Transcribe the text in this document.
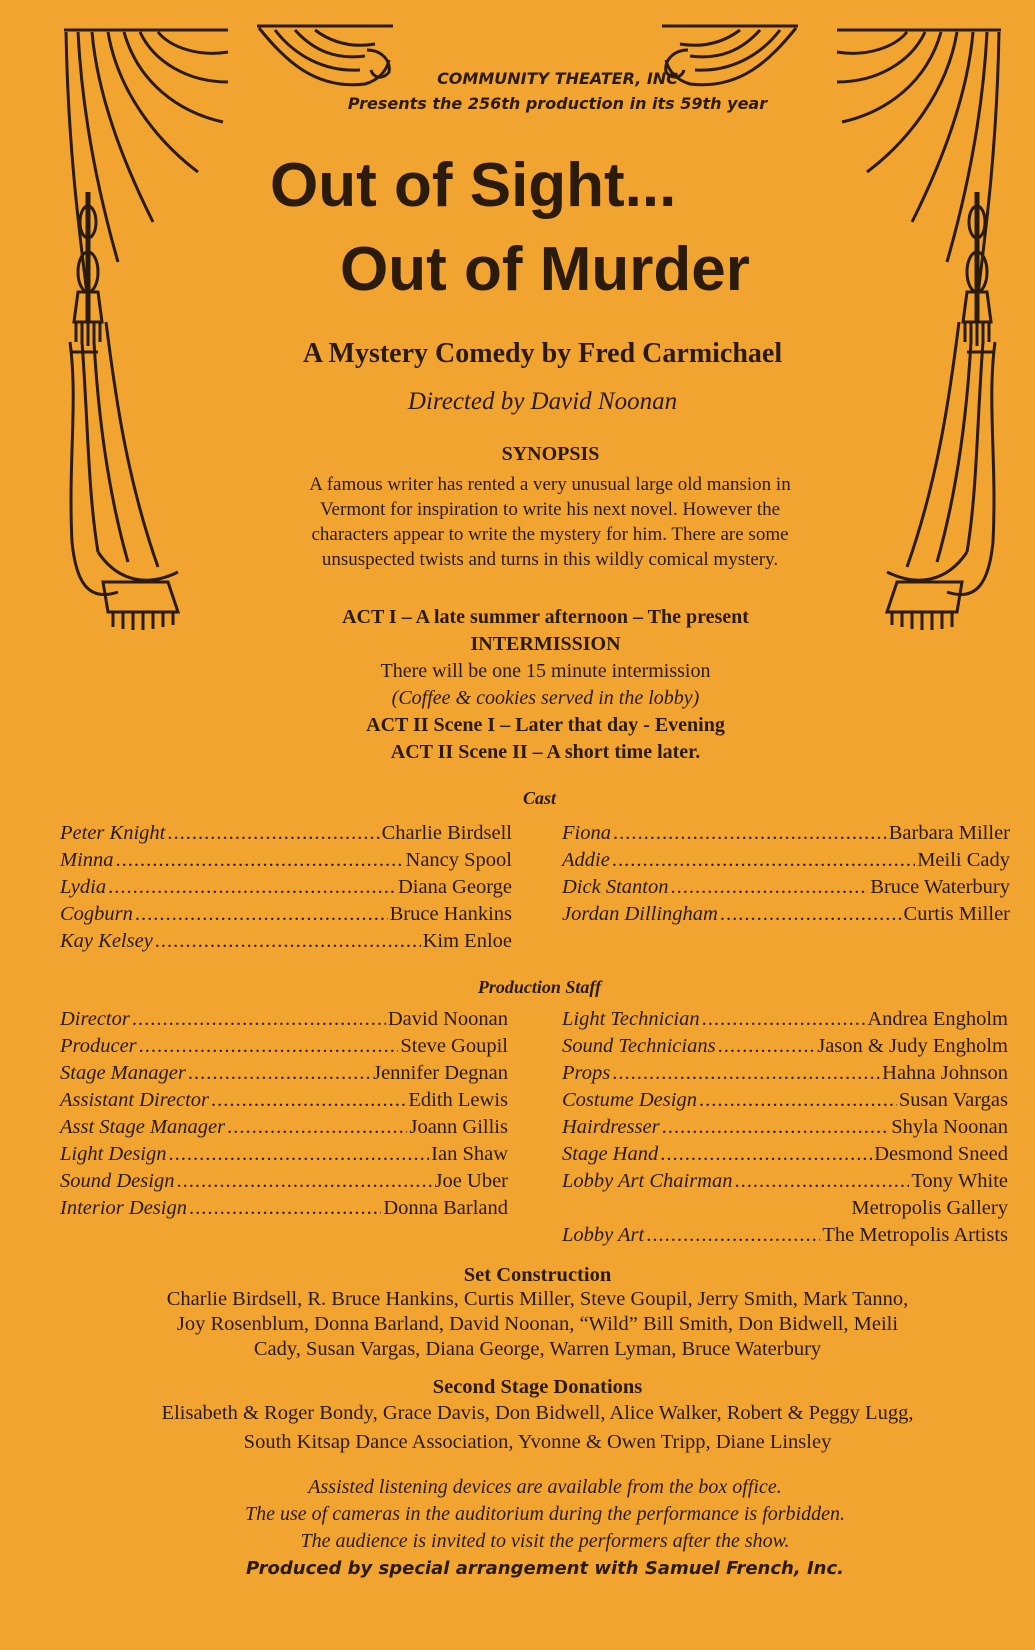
COMMUNITY THEATER, INC
Presents the 256th production in its 59th year
Out of Sight...
Out of Murder
A Mystery Comedy by Fred Carmichael
Directed by David Noonan
SYNOPSIS
A famous writer has rented a very unusual large old mansion in
Vermont for inspiration to write his next novel. However the
characters appear to write the mystery for him. There are some
unsuspected twists and turns in this wildly comical mystery.
ACT I – A late summer afternoon – The present
INTERMISSION
There will be one 15 minute intermission
(Coffee & cookies served in the lobby)
ACT II Scene I – Later that day - Evening
ACT II Scene II – A short time later.
Cast
Peter Knight .....	Charlie Birdsell
Minna .....	Nancy Spool
Lydia .....	Diana George
Cogburn .....	Bruce Hankins
Kay Kelsey .....	Kim Enloe
Fiona .....	Barbara Miller
Addie .....	Meili Cady
Dick Stanton .....	Bruce Waterbury
Jordan Dillingham .....	Curtis Miller
Production Staff
Director .....	David Noonan
Producer .....	Steve Goupil
Stage Manager .....	Jennifer Degnan
Assistant Director .....	Edith Lewis
Asst Stage Manager .....	Joann Gillis
Light Design .....	Ian Shaw
Sound Design .....	Joe Uber
Interior Design .....	Donna Barland
Light Technician .....	Andrea Engholm
Sound Technicians .....	Jason & Judy Engholm
Props .....	Hahna Johnson
Costume Design .....	Susan Vargas
Hairdresser .....	Shyla Noonan
Stage Hand .....	Desmond Sneed
Lobby Art Chairman .....	Tony White
Metropolis Gallery
Lobby Art .....	The Metropolis Artists
Set Construction
Charlie Birdsell, R. Bruce Hankins, Curtis Miller, Steve Goupil, Jerry Smith, Mark Tanno,
Joy Rosenblum, Donna Barland, David Noonan, “Wild” Bill Smith, Don Bidwell, Meili
Cady, Susan Vargas, Diana George, Warren Lyman, Bruce Waterbury
Second Stage Donations
Elisabeth & Roger Bondy, Grace Davis, Don Bidwell, Alice Walker, Robert & Peggy Lugg,
South Kitsap Dance Association, Yvonne & Owen Tripp, Diane Linsley
Assisted listening devices are available from the box office.
The use of cameras in the auditorium during the performance is forbidden.
The audience is invited to visit the performers after the show.
Produced by special arrangement with Samuel French, Inc.
